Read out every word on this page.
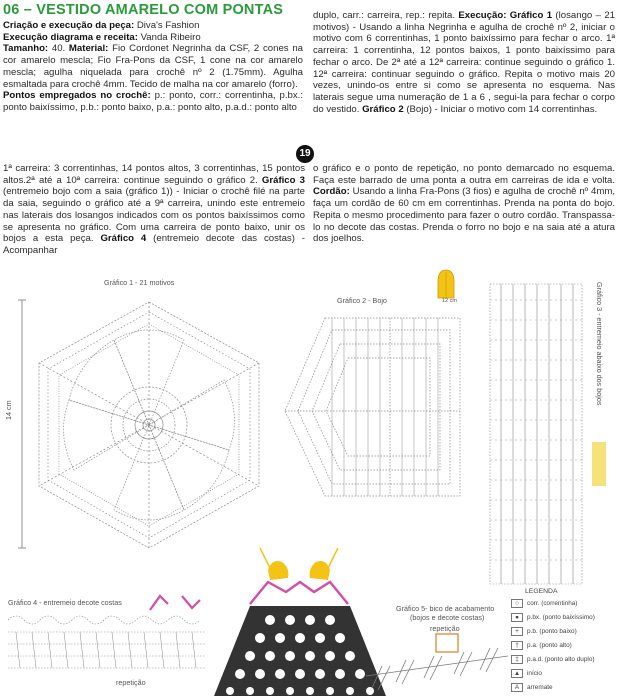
06 – VESTIDO AMARELO COM PONTAS
Criação e execução da peça: Diva's Fashion
Execução diagrama e receita: Vanda Ribeiro
Tamanho: 40. Material: Fio Cordonet Negrinha da CSF, 2 cones na cor amarelo mescla; Fio Fra-Pons da CSF, 1 cone na cor amarelo mescla; agulha niquelada para crochê nº 2 (1.75mm). Agulha esmaltada para crochê 4mm. Tecido de malha na cor amarelo (forro).
Pontos empregados no crochê: p.: ponto, corr.: correntinha, p.bx.: ponto baixíssimo, p.b.: ponto baixo, p.a.: ponto alto, p.a.d.: ponto alto
duplo, carr.: carreira, rep.: repita. Execução: Gráfico 1 (losango – 21 motivos) - Usando a linha Negrinha e agulha de crochê nº 2, iniciar o motivo com 6 correntinhas, 1 ponto baixíssimo para fechar o arco. 1ª carreira: 1 correntinha, 12 pontos baixos, 1 ponto baixíssimo para fechar o arco. De 2ª até a 12ª carreira: continue seguindo o gráfico 1. 12ª carreira: continuar seguindo o gráfico. Repita o motivo mais 20 vezes, unindo-os entre si como se apresenta no esquema. Nas laterais segue uma numeração de 1 a 6 , segui-la para fechar o corpo do vestido. Gráfico 2 (Bojo) - Iniciar o motivo com 14 correntinhas.
19
1ª carreira: 3 correntinhas, 14 pontos altos, 3 correntinhas, 15 pontos altos.2ª até a 10ª carreira: continue seguindo o gráfico 2. Gráfico 3 (entremeio bojo com a saia (gráfico 1)) - Iniciar o crochê filé na parte da saia, seguindo o gráfico até a 9ª carreira, unindo este entremeio nas laterais dos losangos indicados com os pontos baixíssimos como se apresenta no gráfico. Com uma carreira de ponto baixo, unir os bojos a esta peça. Gráfico 4 (entremeio decote das costas) - Acompanhar
o gráfico e o ponto de repetição, no ponto demarcado no esquema. Faça este barrado de uma ponta a outra em carreiras de ida e volta. Cordão: Usando a linha Fra-Pons (3 fios) e agulha de crochê nº 4mm, faça um cordão de 60 cm em correntinhas. Prenda na ponta do bojo. Repita o mesmo procedimento para fazer o outro cordão. Transpassa-lo no decote das costas. Prenda o forro no bojo e na saia até a atura dos joelhos.
Gráfico 1 - 21 motivos
14 cm
Gráfico 2 - Bojo	12 cm	Gráfico 3 - entremeio abaixo dos bojos
Gráfico 4 - entremeio decote costas
repetição
Gráfico 5- bico de acabamento
(bojos e decote costas)
repetição
LEGENDA
○ corr. (correntinha)
● p.bx. (ponto baixíssimo)
+ p.b. (ponto baixo)
† p.a. (ponto alto)
‡ p.a.d. (ponto alto duplo)
▲ início
A arremate
